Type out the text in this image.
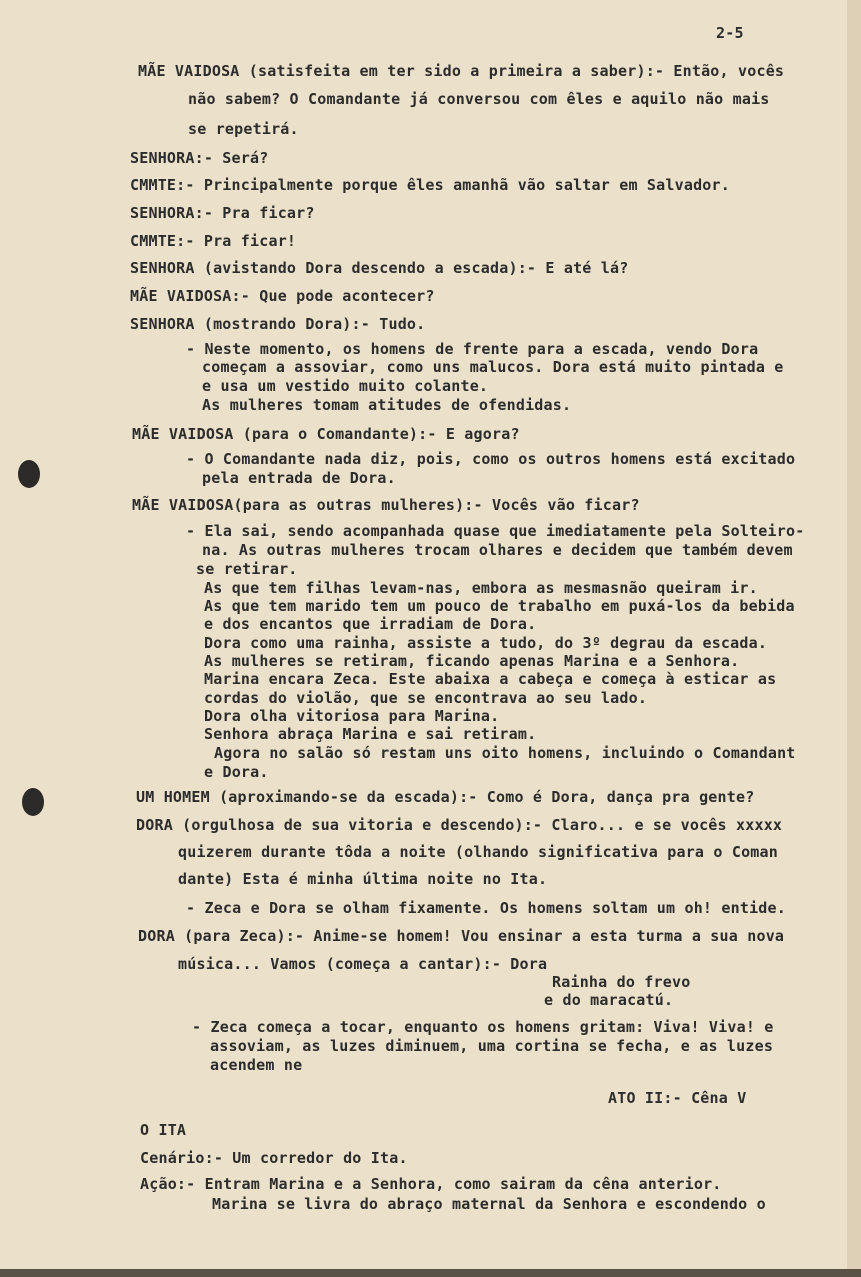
2-5
MÃE VAIDOSA (satisfeita em ter sido a primeira a saber):- Então, vocês
não sabem? O Comandante já conversou com êles e aquilo não mais
se repetirá.
SENHORA:- Será?
CMMTE:- Principalmente porque êles amanhã vão saltar em Salvador.
SENHORA:- Pra ficar?
CMMTE:- Pra ficar!
SENHORA (avistando Dora descendo a escada):- E até lá?
MÃE VAIDOSA:- Que pode acontecer?
SENHORA (mostrando Dora):- Tudo.
- Neste momento, os homens de frente para a escada, vendo Dora
começam a assoviar, como uns malucos. Dora está muito pintada e
e usa um vestido muito colante.
As mulheres tomam atitudes de ofendidas.
MÃE VAIDOSA (para o Comandante):- E agora?
- O Comandante nada diz, pois, como os outros homens está excitado
pela entrada de Dora.
MÃE VAIDOSA(para as outras mulheres):- Vocês vão ficar?
- Ela sai, sendo acompanhada quase que imediatamente pela Solteiro-
na. As outras mulheres trocam olhares e decidem que também devem
se retirar.
As que tem filhas levam-nas, embora as mesmasnão queiram ir.
As que tem marido tem um pouco de trabalho em puxá-los da bebida
e dos encantos que irradiam de Dora.
Dora como uma rainha, assiste a tudo, do 3º degrau da escada.
As mulheres se retiram, ficando apenas Marina e a Senhora.
Marina encara Zeca. Este abaixa a cabeça e começa à esticar as
cordas do violão, que se encontrava ao seu lado.
Dora olha vitoriosa para Marina.
Senhora abraça Marina e sai retiram.
Agora no salão só restam uns oito homens, incluindo o Comandant
e Dora.
UM HOMEM (aproximando-se da escada):- Como é Dora, dança pra gente?
DORA (orgulhosa de sua vitoria e descendo):- Claro... e se vocês xxxxx
quizerem durante tôda a noite (olhando significativa para o Coman
dante) Esta é minha última noite no Ita.
- Zeca e Dora se olham fixamente. Os homens soltam um oh! entide.
DORA (para Zeca):- Anime-se homem! Vou ensinar a esta turma a sua nova
música... Vamos (começa a cantar):- Dora
Rainha do frevo
e do maracatú.
- Zeca começa a tocar, enquanto os homens gritam: Viva! Viva! e
assoviam, as luzes diminuem, uma cortina se fecha, e as luzes
acendem ne
ATO II:- Cêna V
O ITA
Cenário:- Um corredor do Ita.
Ação:- Entram Marina e a Senhora, como sairam da cêna anterior.
Marina se livra do abraço maternal da Senhora e escondendo o
